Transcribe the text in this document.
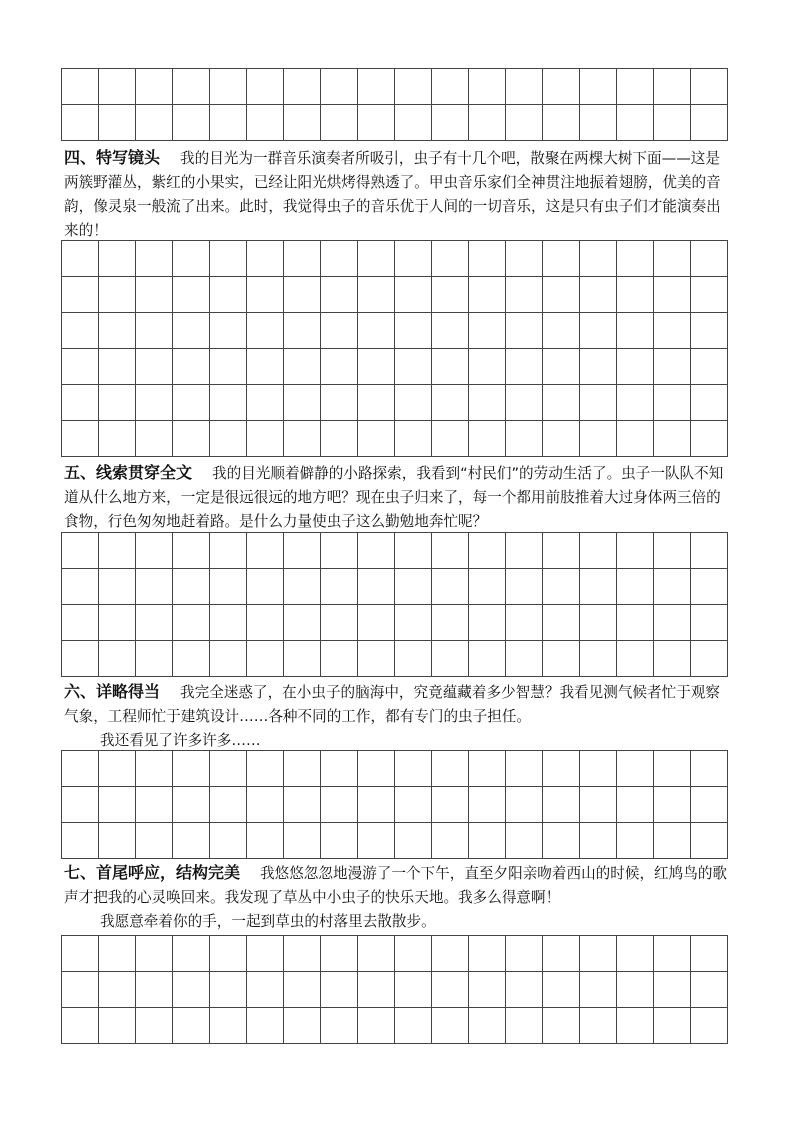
四、特写镜头 我的目光为一群音乐演奏者所吸引，虫子有十几个吧，散聚在两棵大树下面——这是两簇野灌丛，紫红的小果实，已经让阳光烘烤得熟透了。甲虫音乐家们全神贯注地振着翅膀，优美的音韵，像灵泉一般流了出来。此时，我觉得虫子的音乐优于人间的一切音乐，这是只有虫子们才能演奏出来的！

五、线索贯穿全文 我的目光顺着僻静的小路探索，我看到“村民们”的劳动生活了。虫子一队队不知道从什么地方来，一定是很远很远的地方吧？现在虫子归来了，每一个都用前肢推着大过身体两三倍的食物，行色匆匆地赶着路。是什么力量使虫子这么勤勉地奔忙呢？

六、详略得当 我完全迷惑了，在小虫子的脑海中，究竟蕴藏着多少智慧？我看见测气候者忙于观察气象，工程师忙于建筑设计……各种不同的工作，都有专门的虫子担任。
我还看见了许多许多……

七、首尾呼应，结构完美 我悠悠忽忽地漫游了一个下午，直至夕阳亲吻着西山的时候，红鸠鸟的歌声才把我的心灵唤回来。我发现了草丛中小虫子的快乐天地。我多么得意啊！
我愿意牵着你的手，一起到草虫的村落里去散散步。
